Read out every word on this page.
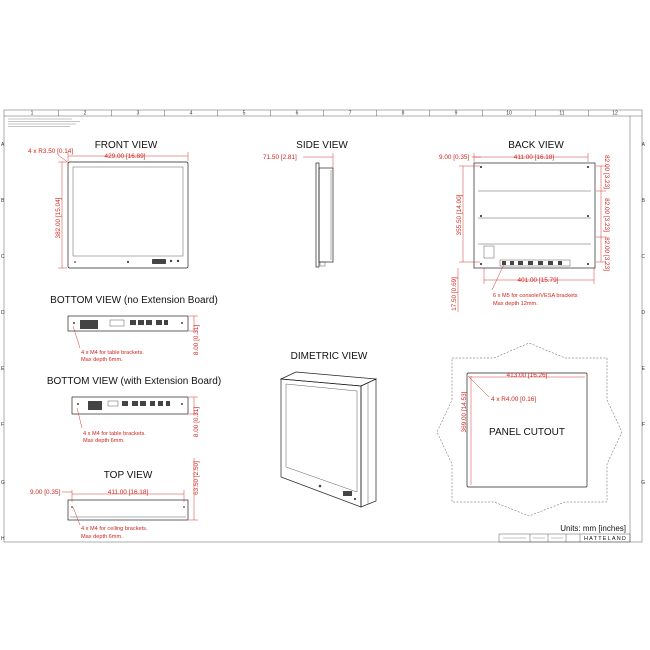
1	2	3	4	5	6	7	8	9	10	11	12
A
B
C
D
E
F
G
H
A
B
C
D
E
F
G
FRONT VIEW
429.00 [16.89]
4 x R3.50 [0.14]
382.00 [15.04]
SIDE VIEW
71.50 [2.81]
BACK VIEW
411.00 [16.18]
9.00 [0.35]
355.50 [14.00]
82.00 [3.23]
82.00 [3.23]
82.00 [3.23]
401.00 [15.79]
17.50 [0.69]
6 x M5 for console/VESA brackets
Max depth 12mm.
BOTTOM VIEW (no Extension Board)
8.00 [0.31]
4 x M4 for table brackets.
Max depth 6mm.
BOTTOM VIEW (with Extension Board)
8.00 [0.31]
4 x M4 for table brackets.
Max depth 6mm.
TOP VIEW
411.00 [16.18]
9.00 [0.35]	63.50 [2.50]
4 x M4 for ceiling brackets.
Max depth 6mm.
DIMETRIC VIEW
PANEL CUTOUT
413.00 [16.26]
369.00 [14.53]
4 x R4.00 [0.16]
Units: mm [inches]
HATTELAND
